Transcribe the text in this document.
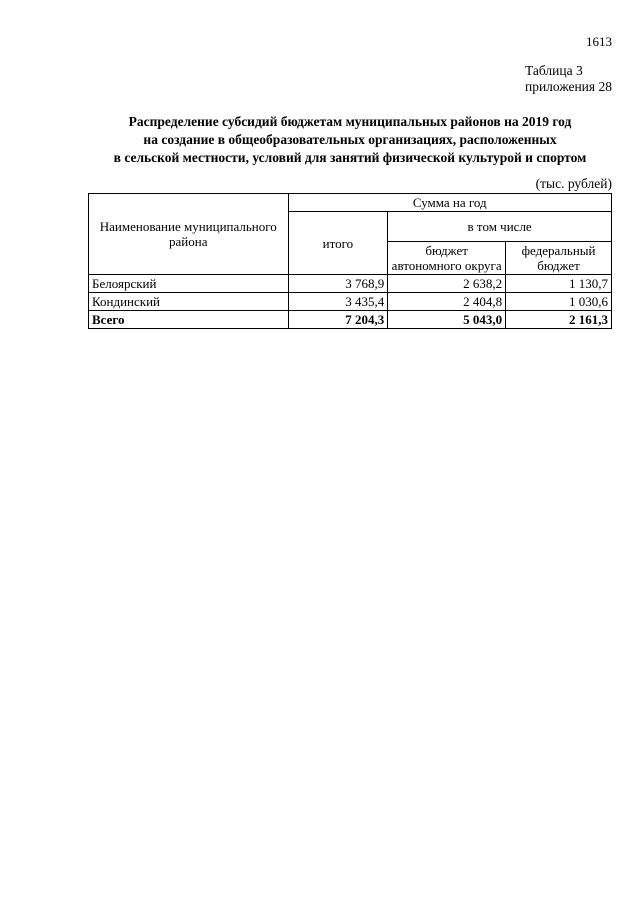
1613
Таблица 3
приложения 28
Распределение субсидий бюджетам муниципальных районов на 2019 год
на создание в общеобразовательных организациях, расположенных
в сельской местности, условий для занятий физической культурой и спортом
(тыс. рублей)
Наименование муниципального района	Сумма на год		
	итого	в том числе	
		бюджет автономного округа	федеральный бюджет
Белоярский	3 768,9	2 638,2	1 130,7
Кондинский	3 435,4	2 404,8	1 030,6
Всего	7 204,3	5 043,0	2 161,3
